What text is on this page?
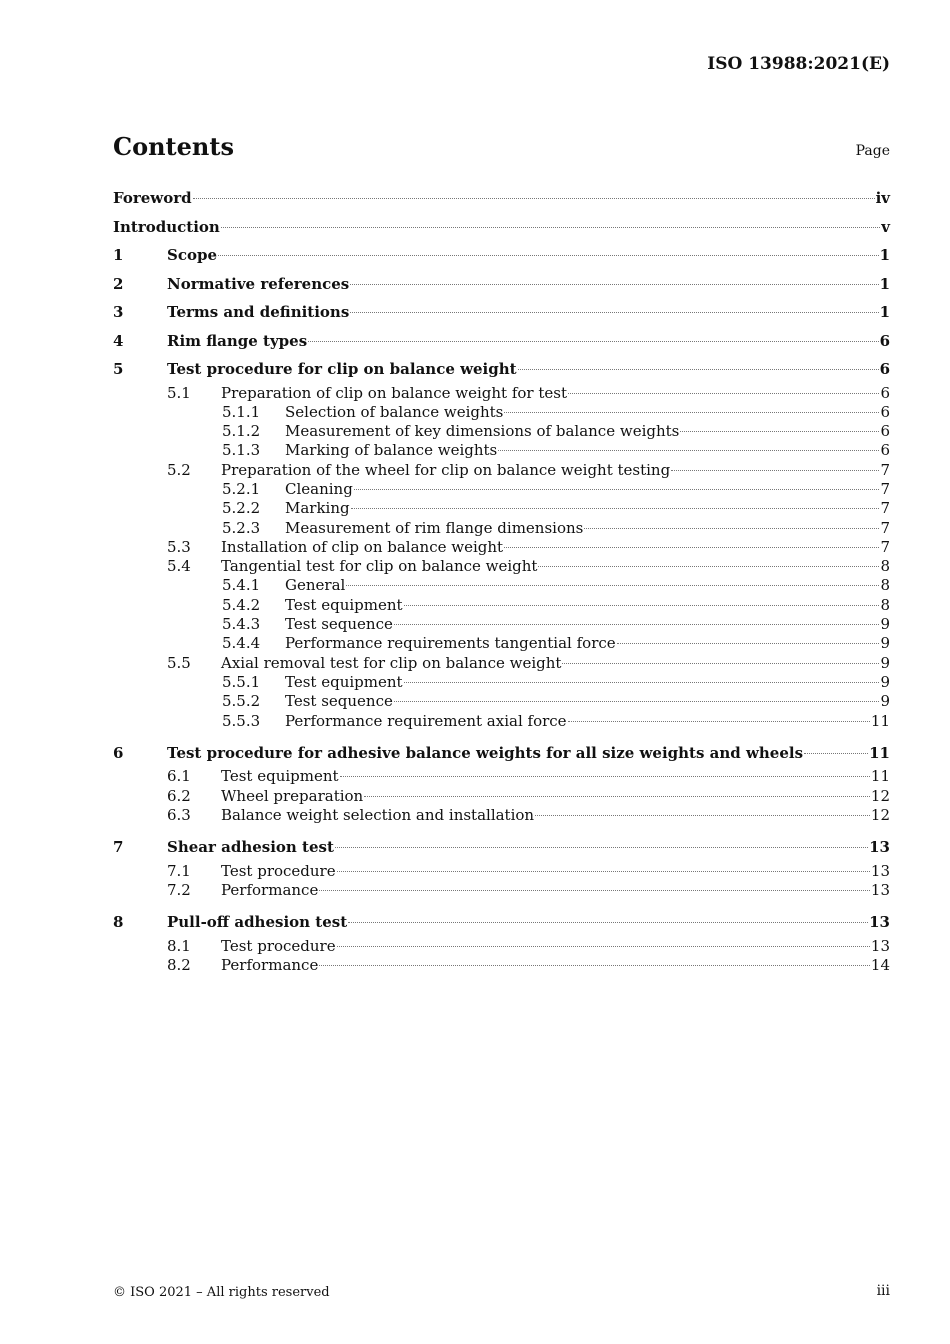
ISO 13988:2021(E)
Contents	Page
Foreword	iv
Introduction	v
1	Scope	1
2	Normative references	1
3	Terms and definitions	1
4	Rim flange types	6
5	Test procedure for clip on balance weight	6
5.1	Preparation of clip on balance weight for test	6
5.1.1	Selection of balance weights	6
5.1.2	Measurement of key dimensions of balance weights	6
5.1.3	Marking of balance weights	6
5.2	Preparation of the wheel for clip on balance weight testing	7
5.2.1	Cleaning	7
5.2.2	Marking	7
5.2.3	Measurement of rim flange dimensions	7
5.3	Installation of clip on balance weight	7
5.4	Tangential test for clip on balance weight	8
5.4.1	General	8
5.4.2	Test equipment	8
5.4.3	Test sequence	9
5.4.4	Performance requirements tangential force	9
5.5	Axial removal test for clip on balance weight	9
5.5.1	Test equipment	9
5.5.2	Test sequence	9
5.5.3	Performance requirement axial force	11
6	Test procedure for adhesive balance weights for all size weights and wheels	11
6.1	Test equipment	11
6.2	Wheel preparation	12
6.3	Balance weight selection and installation	12
7	Shear adhesion test	13
7.1	Test procedure	13
7.2	Performance	13
8	Pull-off adhesion test	13
8.1	Test procedure	13
8.2	Performance	14
© ISO 2021 – All rights reserved	iii
